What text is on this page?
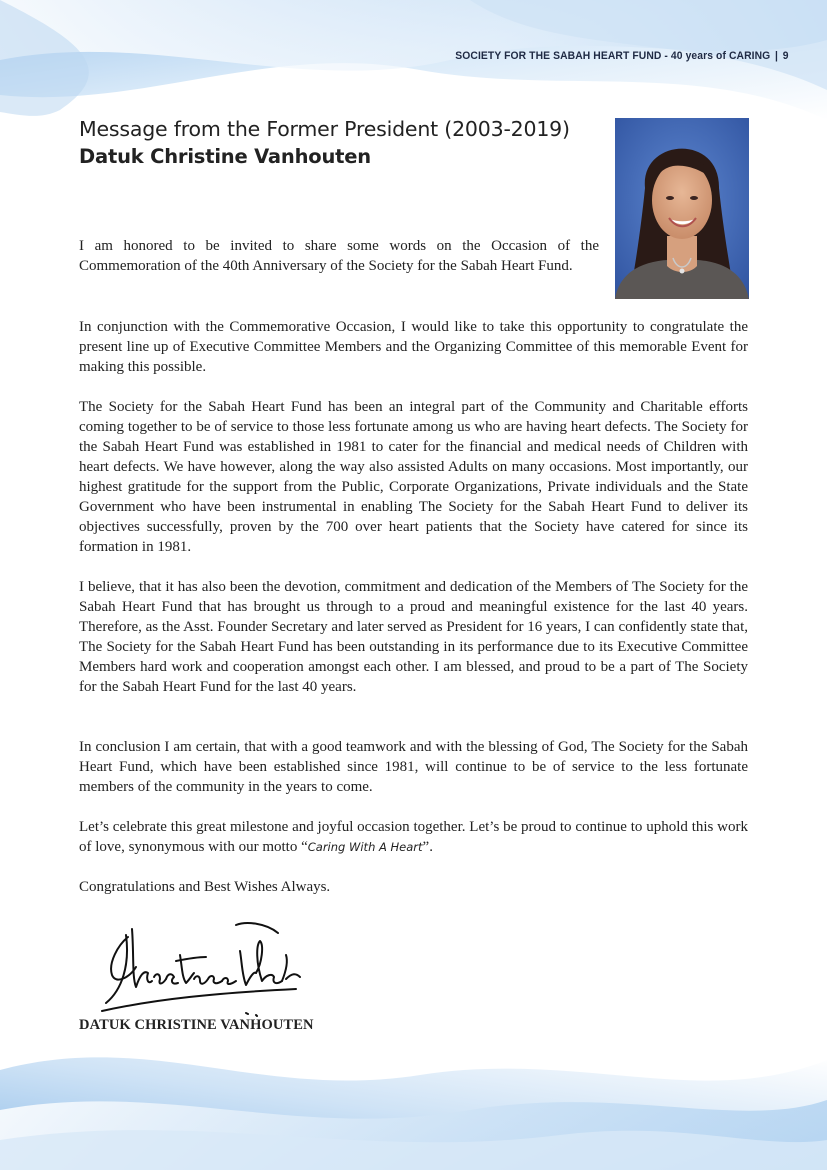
SOCIETY FOR THE SABAH HEART FUND - 40 years of CARING | 9
Message from the Former President (2003-2019)
Datuk Christine Vanhouten

I am honored to be invited to share some words on the Occasion of the Commemoration of the 40th Anniversary of the Society for the Sabah Heart Fund.

In conjunction with the Commemorative Occasion, I would like to take this opportunity to congratulate the present line up of Executive Committee Members and the Organizing Committee of this memorable Event for making this possible.

The Society for the Sabah Heart Fund has been an integral part of the Community and Charitable efforts coming together to be of service to those less fortunate among us who are having heart defects. The Society for the Sabah Heart Fund was established in 1981 to cater for the financial and medical needs of Children with heart defects. We have however, along the way also assisted Adults on many occasions. Most importantly, our highest gratitude for the support from the Public, Corporate Organizations, Private individuals and the State Government who have been instrumental in enabling The Society for the Sabah Heart Fund to deliver its objectives successfully, proven by the 700 over heart patients that the Society have catered for since its formation in 1981.

I believe, that it has also been the devotion, commitment and dedication of the Members of The Society for the Sabah Heart Fund that has brought us through to a proud and meaningful existence for the last 40 years. Therefore, as the Asst. Founder Secretary and later served as President for 16 years, I can confidently state that, The Society for the Sabah Heart Fund has been outstanding in its performance due to its Executive Committee Members hard work and cooperation amongst each other. I am blessed, and proud to be a part of The Society for the Sabah Heart Fund for the last 40 years.

In conclusion I am certain, that with a good teamwork and with the blessing of God, The Society for the Sabah Heart Fund, which have been established since 1981, will continue to be of service to the less fortunate members of the community in the years to come.

Let’s celebrate this great milestone and joyful occasion together. Let’s be proud to continue to uphold this work of love, synonymous with our motto “Caring With A Heart”.

Congratulations and Best Wishes Always.

DATUK CHRISTINE VANHOUTEN
